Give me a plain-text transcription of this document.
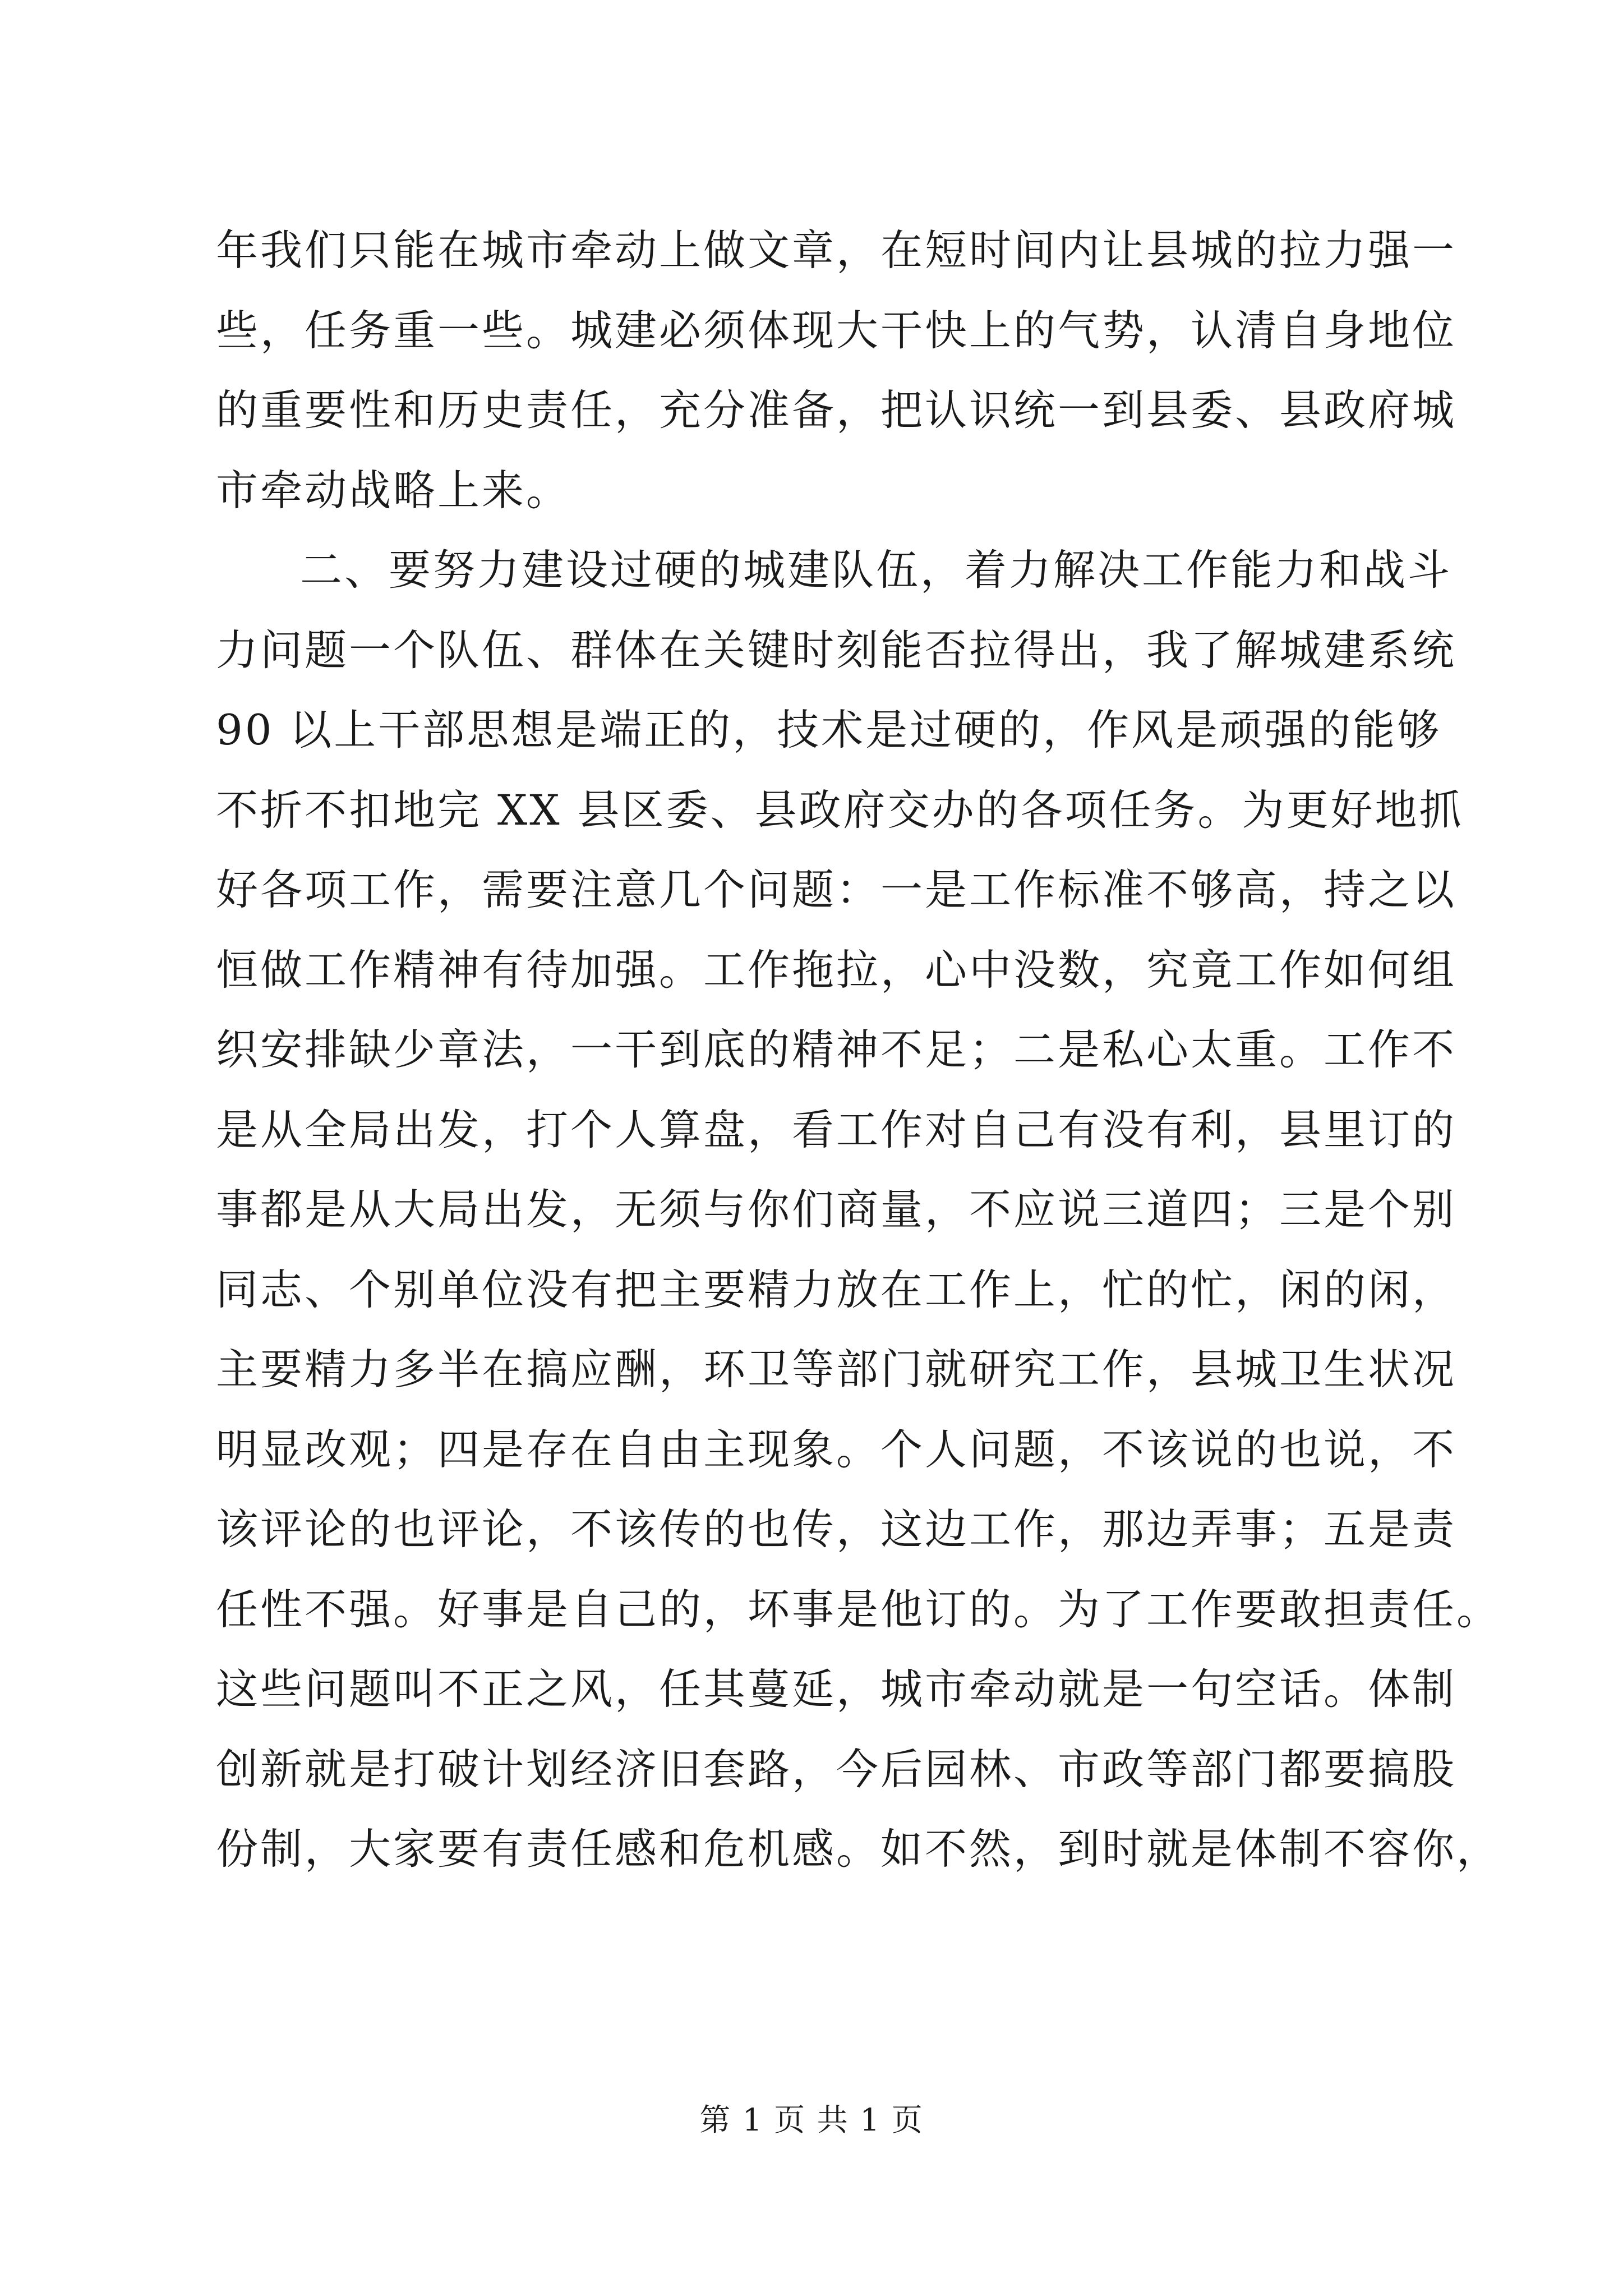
年我们只能在城市牵动上做文章，在短时间内让县城的拉力强一
些，任务重一些。城建必须体现大干快上的气势，认清自身地位
的重要性和历史责任，充分准备，把认识统一到县委、县政府城
市牵动战略上来。
二、要努力建设过硬的城建队伍，着力解决工作能力和战斗
力问题一个队伍、群体在关键时刻能否拉得出，我了解城建系统
90 以上干部思想是端正的，技术是过硬的，作风是顽强的能够
不折不扣地完 XX 县区委、县政府交办的各项任务。为更好地抓
好各项工作，需要注意几个问题：一是工作标准不够高，持之以
恒做工作精神有待加强。工作拖拉，心中没数，究竟工作如何组
织安排缺少章法，一干到底的精神不足；二是私心太重。工作不
是从全局出发，打个人算盘，看工作对自己有没有利，县里订的
事都是从大局出发，无须与你们商量，不应说三道四；三是个别
同志、个别单位没有把主要精力放在工作上，忙的忙，闲的闲，
主要精力多半在搞应酬，环卫等部门就研究工作，县城卫生状况
明显改观；四是存在自由主现象。个人问题，不该说的也说，不
该评论的也评论，不该传的也传，这边工作，那边弄事；五是责
任性不强。好事是自己的，坏事是他订的。为了工作要敢担责任。
这些问题叫不正之风，任其蔓延，城市牵动就是一句空话。体制
创新就是打破计划经济旧套路，今后园林、市政等部门都要搞股
份制，大家要有责任感和危机感。如不然，到时就是体制不容你，
第 1 页 共 1 页
